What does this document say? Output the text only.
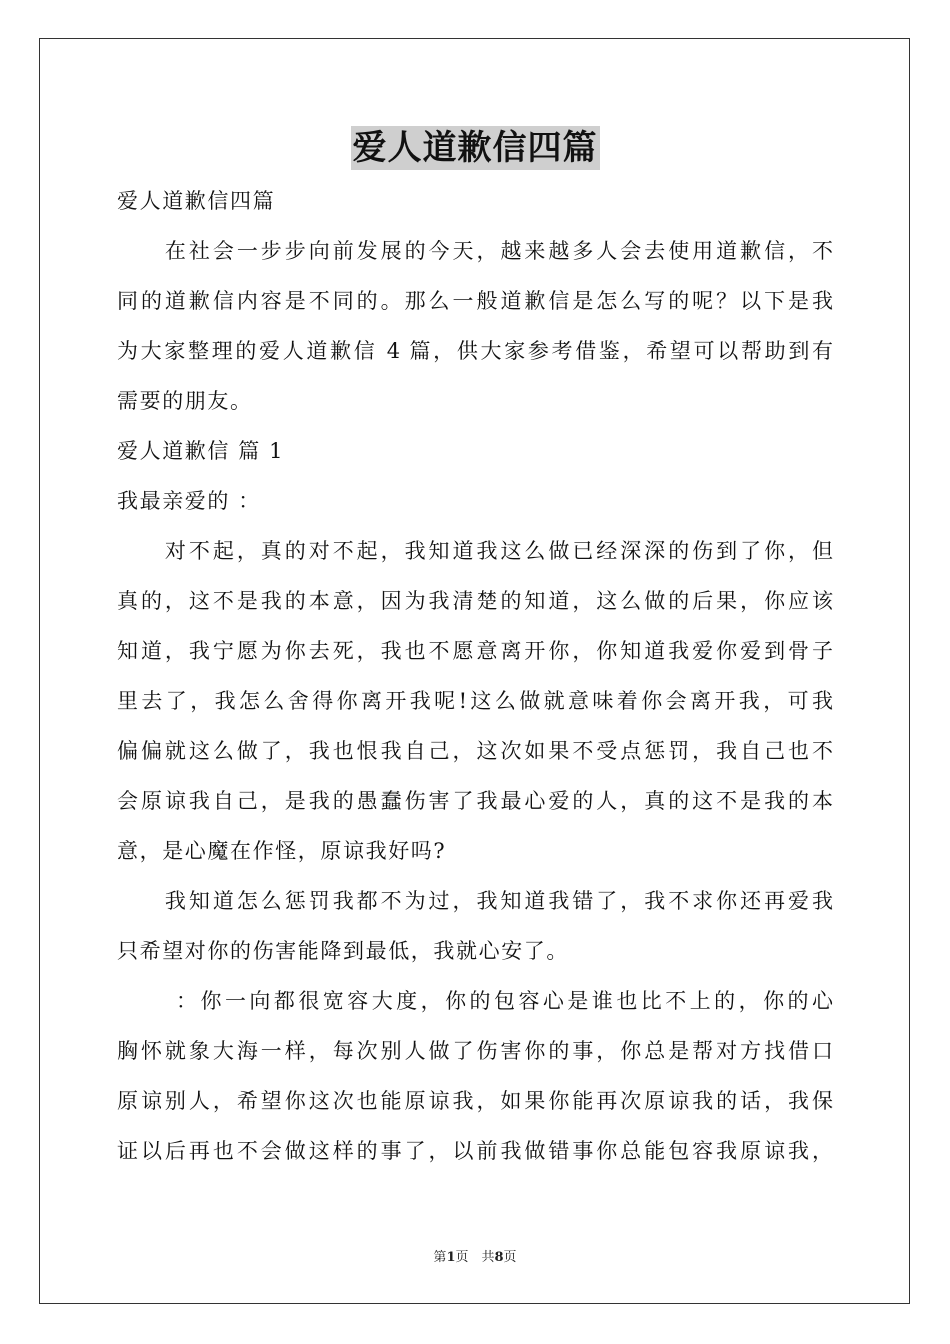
爱人道歉信四篇
爱人道歉信四篇
　　在社会一步步向前发展的今天，越来越多人会去使用道歉信，不
同的道歉信内容是不同的。那么一般道歉信是怎么写的呢？以下是我
为大家整理的爱人道歉信 4 篇，供大家参考借鉴，希望可以帮助到有
需要的朋友。
爱人道歉信 篇 1
我最亲爱的 ：
　　对不起，真的对不起，我知道我这么做已经深深的伤到了你，但
真的，这不是我的本意，因为我清楚的知道，这么做的后果，你应该
知道，我宁愿为你去死，我也不愿意离开你，你知道我爱你爱到骨子
里去了，我怎么舍得你离开我呢!这么做就意味着你会离开我，可我
偏偏就这么做了，我也恨我自己，这次如果不受点惩罚，我自己也不
会原谅我自己，是我的愚蠢伤害了我最心爱的人，真的这不是我的本
意，是心魔在作怪，原谅我好吗?
　　我知道怎么惩罚我都不为过，我知道我错了，我不求你还再爱我
只希望对你的伤害能降到最低，我就心安了。
　　 ：你一向都很宽容大度，你的包容心是谁也比不上的，你的心
胸怀就象大海一样，每次别人做了伤害你的事，你总是帮对方找借口
原谅别人，希望你这次也能原谅我，如果你能再次原谅我的话，我保
证以后再也不会做这样的事了，以前我做错事你总能包容我原谅我，
第1页　共8页
